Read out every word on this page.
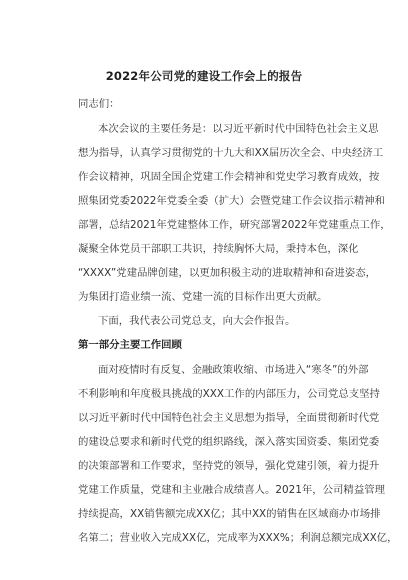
2022年公司党的建设工作会上的报告
同志们：
本次会议的主要任务是：以习近平新时代中国特色社会主义思
想为指导，认真学习贯彻党的十九大和XX届历次全会、中央经济工
作会议精神，巩固全国企党建工作会精神和党史学习教育成效，按
照集团党委2022年党委全委（扩大）会暨党建工作会议指示精神和
部署，总结2021年党建整体工作，研究部署2022年党建重点工作，
凝聚全体党员干部职工共识，持续胸怀大局，秉持本色，深化
“XXXX”党建品牌创建，以更加积极主动的进取精神和奋进姿态，
为集团打造业绩一流、党建一流的目标作出更大贡献。
下面，我代表公司党总支，向大会作报告。
第一部分主要工作回顾
面对疫情时有反复、金融政策收缩、市场进入“寒冬”的外部
不利影响和年度极具挑战的XXX工作的内部压力，公司党总支坚持
以习近平新时代中国特色社会主义思想为指导，全面贯彻新时代党
的建设总要求和新时代党的组织路线，深入落实国资委、集团党委
的决策部署和工作要求，坚持党的领导，强化党建引领，着力提升
党建工作质量，党建和主业融合成绩喜人。2021年，公司精益管理
持续提高，XX销售额完成XX亿；其中XX的销售在区域商办市场排
名第二；营业收入完成XX亿，完成率为XXX%；利润总额完成XX亿，
